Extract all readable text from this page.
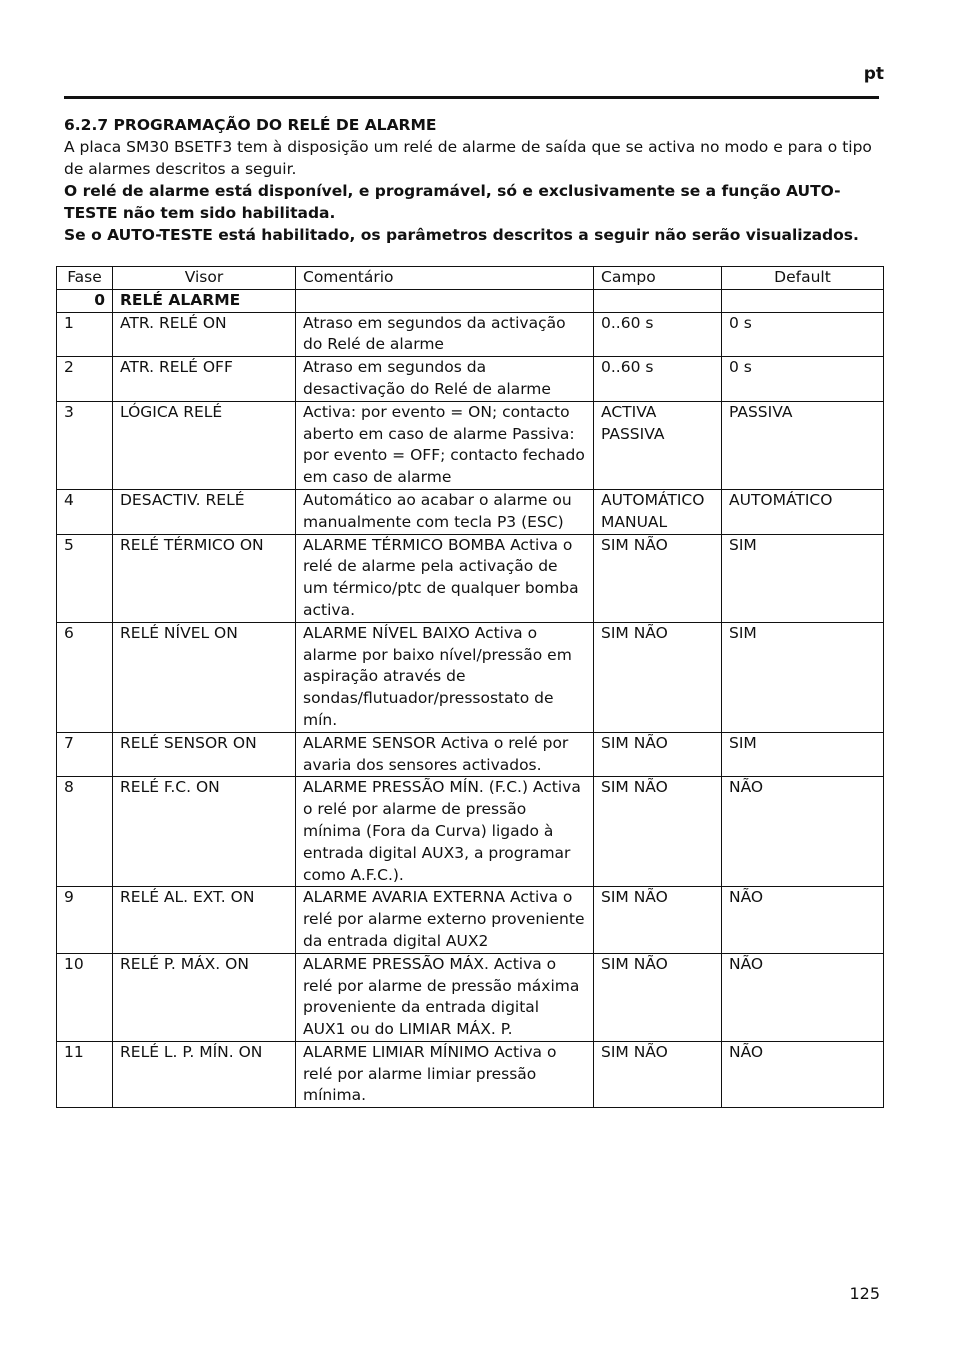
pt

6.2.7 PROGRAMAÇÃO DO RELÉ DE ALARME

A placa SM30 BSETF3 tem à disposição um relé de alarme de saída que se activa no modo e para o tipo de alarmes descritos a seguir.

O relé de alarme está disponível, e programável, só e exclusivamente se a função AUTO-TESTE não tem sido habilitada.

Se o AUTO-TESTE está habilitado, os parâmetros descritos a seguir não serão visualizados.

Fase	Visor	Comentário	Campo	Default
0	RELÉ ALARME			
1	ATR. RELÉ ON	Atraso em segundos da activação do Relé de alarme	0..60 s	0 s
2	ATR. RELÉ OFF	Atraso em segundos da desactivação do Relé de alarme	0..60 s	0 s
3	LÓGICA RELÉ	Activa: por evento = ON; contacto aberto em caso de alarme Passiva: por evento = OFF; contacto fechado em caso de alarme	ACTIVA PASSIVA	PASSIVA
4	DESACTIV. RELÉ	Automático ao acabar o alarme ou manualmente com tecla P3 (ESC)	AUTOMÁTICO MANUAL	AUTOMÁTICO
5	RELÉ TÉRMICO ON	ALARME TÉRMICO BOMBA Activa o relé de alarme pela activação de um térmico/ptc de qualquer bomba activa.	SIM NÃO	SIM
6	RELÉ NÍVEL ON	ALARME NÍVEL BAIXO Activa o alarme por baixo nível/pressão em aspiração através de sondas/flutuador/pressostato de mín.	SIM NÃO	SIM
7	RELÉ SENSOR ON	ALARME SENSOR Activa o relé por avaria dos sensores activados.	SIM NÃO	SIM
8	RELÉ F.C. ON	ALARME PRESSÃO MÍN. (F.C.) Activa o relé por alarme de pressão mínima (Fora da Curva) ligado à entrada digital AUX3, a programar como A.F.C.).	SIM NÃO	NÃO
9	RELÉ AL. EXT. ON	ALARME AVARIA EXTERNA Activa o relé por alarme externo proveniente da entrada digital AUX2	SIM NÃO	NÃO
10	RELÉ P. MÁX. ON	ALARME PRESSÃO MÁX. Activa o relé por alarme de pressão máxima proveniente da entrada digital AUX1 ou do LIMIAR MÁX. P.	SIM NÃO	NÃO
11	RELÉ L. P. MÍN. ON	ALARME LIMIAR MÍNIMO Activa o relé por alarme limiar pressão mínima.	SIM NÃO	NÃO
125
